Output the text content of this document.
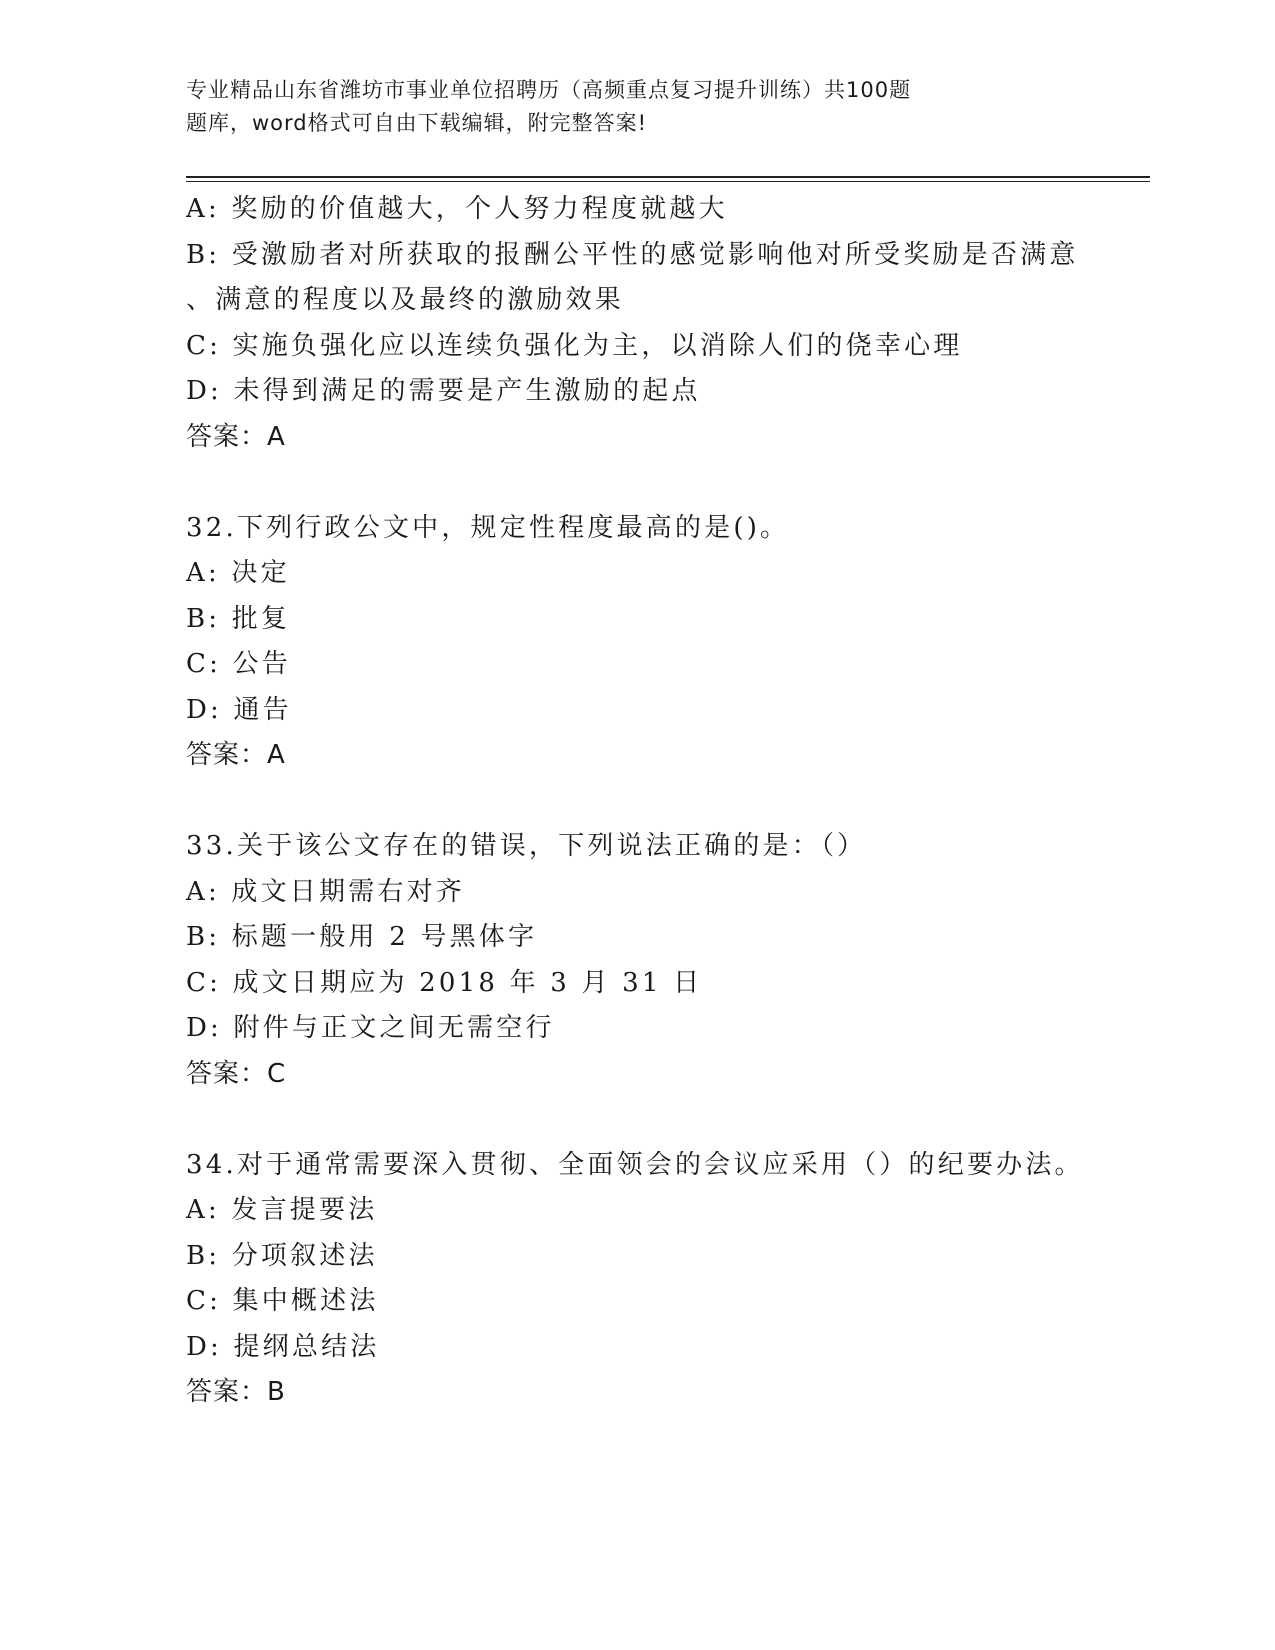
专业精品山东省潍坊市事业单位招聘历（高频重点复习提升训练）共100题
题库，word格式可自由下载编辑，附完整答案!
A: 奖励的价值越大，个人努力程度就越大
B: 受激励者对所获取的报酬公平性的感觉影响他对所受奖励是否满意
、满意的程度以及最终的激励效果
C: 实施负强化应以连续负强化为主，以消除人们的侥幸心理
D: 未得到满足的需要是产生激励的起点
答案：A
32.下列行政公文中，规定性程度最高的是()。
A: 决定
B: 批复
C: 公告
D: 通告
答案：A
33.关于该公文存在的错误，下列说法正确的是：（）
A: 成文日期需右对齐
B: 标题一般用 2 号黑体字
C: 成文日期应为 2018 年 3 月 31 日
D: 附件与正文之间无需空行
答案：C
34.对于通常需要深入贯彻、全面领会的会议应采用（）的纪要办法。
A: 发言提要法
B: 分项叙述法
C: 集中概述法
D: 提纲总结法
答案：B
